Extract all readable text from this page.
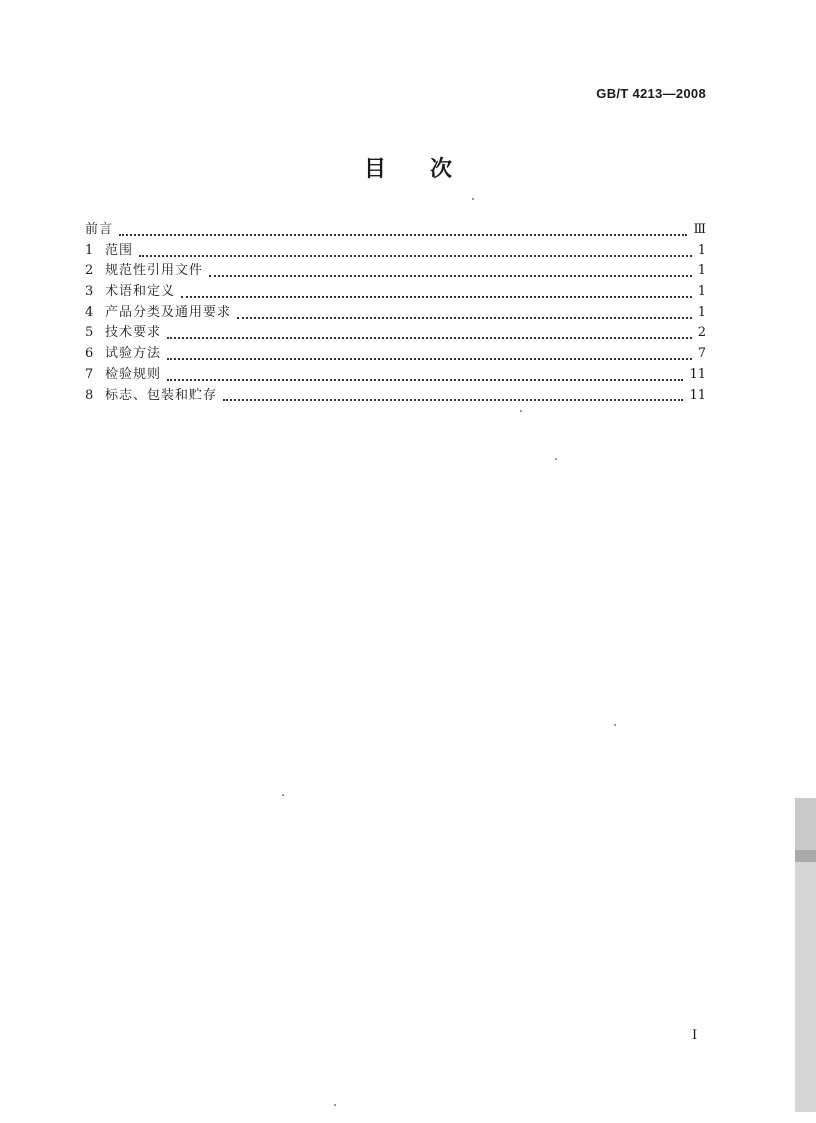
GB/T 4213—2008
目 次
前言	Ⅲ
1 范围	1
2 规范性引用文件	1
3 术语和定义	1
4 产品分类及通用要求	1
5 技术要求	2
6 试验方法	7
7 检验规则	11
8 标志、包装和贮存	11
Ⅰ
